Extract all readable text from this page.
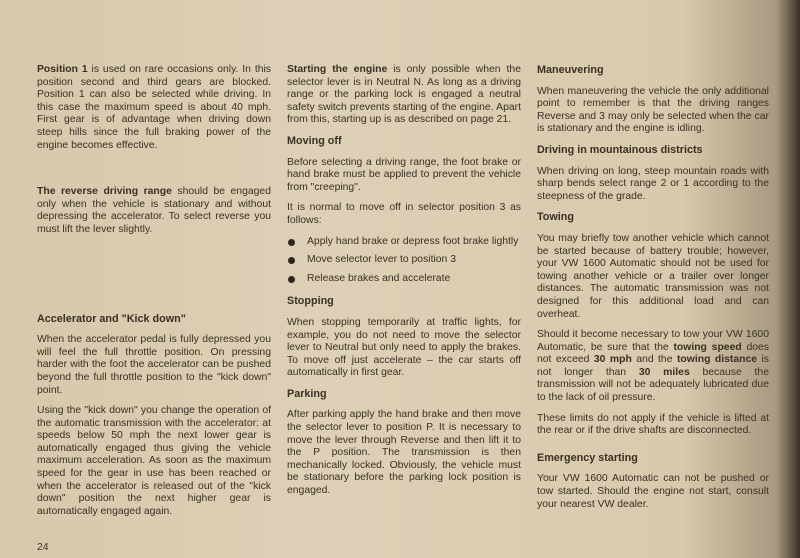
Position 1 is used on rare occasions only. In this position second and third gears are blocked. Position 1 can also be selected while driving. In this case the maximum speed is about 40 mph. First gear is of advantage when driving down steep hills since the full braking power of the engine becomes effective.

The reverse driving range should be engaged only when the vehicle is stationary and without depressing the accelerator. To select reverse you must lift the lever slightly.

Accelerator and "Kick down"

When the accelerator pedal is fully depressed you will feel the full throttle position. On pressing harder with the foot the accelerator can be pushed beyond the full throttle position to the "kick down" point.

Using the "kick down" you change the operation of the automatic transmission with the accelerator: at speeds below 50 mph the next lower gear is automatically engaged thus giving the vehicle maximum acceleration. As soon as the maximum speed for the gear in use has been reached or when the accelerator is released out of the "kick down" position the next higher gear is automatically engaged again.

Starting the engine is only possible when the selector lever is in Neutral N. As long as a driving range or the parking lock is engaged a neutral safety switch prevents starting of the engine. Apart from this, starting up is as described on page 21.

Moving off

Before selecting a driving range, the foot brake or hand brake must be applied to prevent the vehicle from "creeping".

It is normal to move off in selector position 3 as follows:

Apply hand brake or depress foot brake lightly
Move selector lever to position 3
Release brakes and accelerate
Stopping

When stopping temporarily at traffic lights, for example, you do not need to move the selector lever to Neutral but only need to apply the brakes. To move off just accelerate – the car starts off automatically in first gear.

Parking

After parking apply the hand brake and then move the selector lever to position P. It is necessary to move the lever through Reverse and then lift it to the P position. The transmission is then mechanically locked. Obviously, the vehicle must be stationary before the parking lock position is engaged.

Maneuvering

When maneuvering the vehicle the only additional point to remember is that the driving ranges Reverse and 3 may only be selected when the car is stationary and the engine is idling.

Driving in mountainous districts

When driving on long, steep mountain roads with sharp bends select range 2 or 1 according to the steepness of the grade.

Towing

You may briefly tow another vehicle which cannot be started because of battery trouble; however, your VW 1600 Automatic should not be used for towing another vehicle or a trailer over longer distances. The automatic transmission was not designed for this additional load and can overheat.

Should it become necessary to tow your VW 1600 Automatic, be sure that the towing speed does not exceed 30 mph and the towing distance is not longer than 30 miles because the transmission will not be adequately lubricated due to the lack of oil pressure.

These limits do not apply if the vehicle is lifted at the rear or if the drive shafts are disconnected.

Emergency starting

Your VW 1600 Automatic can not be pushed or tow started. Should the engine not start, consult your nearest VW dealer.

24
